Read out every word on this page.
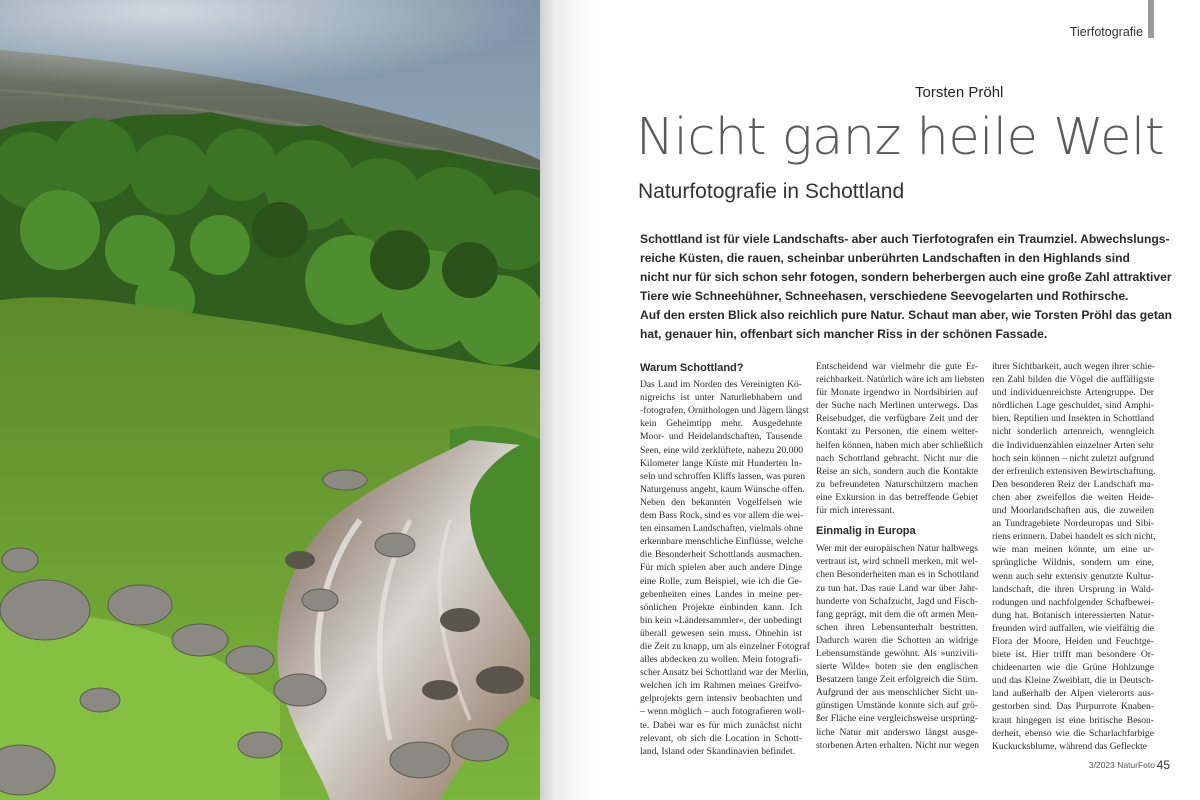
Tierfotografie
Torsten Pröhl
Nicht ganz heile Welt
Naturfotografie in Schottland
Schottland ist für viele Landschafts- aber auch Tierfotografen ein Traumziel. Abwechslungs-
reiche Küsten, die rauen, scheinbar unberührten Landschaften in den Highlands sind
nicht nur für sich schon sehr fotogen, sondern beherbergen auch eine große Zahl attraktiver
Tiere wie Schneehühner, Schneehasen, verschiedene Seevogelarten und Rothirsche.
Auf den ersten Blick also reichlich pure Natur. Schaut man aber, wie Torsten Pröhl das getan
hat, genauer hin, offenbart sich mancher Riss in der schönen Fassade.
Warum Schottland?
Das Land im Norden des Vereinigten Kö-
nigreichs ist unter Naturliebhabern und
-fotografen, Ornithologen und Jägern längst
kein Geheimtipp mehr. Ausgedehnte
Moor- und Heidelandschaften, Tausende
Seen, eine wild zerklüftete, nahezu 20.000
Kilometer lange Küste mit Hunderten In-
seln und schroffen Kliffs lassen, was puren
Naturgenuss angeht, kaum Wünsche offen.
Neben den bekannten Vogelfelsen wie
dem Bass Rock, sind es vor allem die wei-
ten einsamen Landschaften, vielmals ohne
erkennbare menschliche Einflüsse, welche
die Besonderheit Schottlands ausmachen.
Für mich spielen aber auch andere Dinge
eine Rolle, zum Beispiel, wie ich die Ge-
gebenheiten eines Landes in meine per-
sönlichen Projekte einbinden kann. Ich
bin kein »Ländersammler«, der unbedingt
überall gewesen sein muss. Ohnehin ist
die Zeit zu knapp, um als einzelner Fotograf
alles abdecken zu wollen. Mein fotografi-
scher Ansatz bei Schottland war der Merlin,
welchen ich im Rahmen meines Greifvo-
gelprojekts gern intensiv beobachten und
– wenn möglich – auch fotografieren woll-
te. Dabei war es für mich zunächst nicht
relevant, ob sich die Location in Schott-
land, Island oder Skandinavien befindet.
Entscheidend war vielmehr die gute Er-
reichbarkeit. Natürlich wäre ich am liebsten
für Monate irgendwo in Nordsibirien auf
der Suche nach Merlinen unterwegs. Das
Reisebudget, die verfügbare Zeit und der
Kontakt zu Personen, die einem weiter-
helfen können, haben mich aber schließlich
nach Schottland gebracht. Nicht nur die
Reise an sich, sondern auch die Kontakte
zu befreundeten Naturschützern machen
eine Exkursion in das betreffende Gebiet
für mich interessant.
Einmalig in Europa
Wer mit der europäischen Natur halbwegs
vertraut ist, wird schnell merken, mit wel-
chen Besonderheiten man es in Schottland
zu tun hat. Das raue Land war über Jahr-
hunderte von Schafzucht, Jagd und Fisch-
fang geprägt, mit dem die oft armen Men-
schen ihren Lebensunterhalt bestritten.
Dadurch waren die Schotten an widrige
Lebensumstände gewöhnt. Als »unzivili-
sierte Wilde« boten sie den englischen
Besatzern lange Zeit erfolgreich die Stirn.
Aufgrund der aus menschlicher Sicht un-
günstigen Umstände konnte sich auf grö-
ßer Fläche eine vergleichsweise ursprüng-
liche Natur mit anderswo längst ausge-
storbenen Arten erhalten. Nicht nur wegen
ihrer Sichtbarkeit, auch wegen ihrer schie-
ren Zahl bilden die Vögel die auffälligste
und individuenreichste Artengruppe. Der
nördlichen Lage geschuldet, sind Amphi-
bien, Reptilien und Insekten in Schottland
nicht sonderlich artenreich, wenngleich
die Individuenzahlen einzelner Arten sehr
hoch sein können – nicht zuletzt aufgrund
der erfreulich extensiven Bewirtschaftung.
Den besonderen Reiz der Landschaft ma-
chen aber zweifellos die weiten Heide-
und Moorlandschaften aus, die zuweilen
an Tundragebiete Nordeuropas und Sibi-
riens erinnern. Dabei handelt es sich nicht,
wie man meinen könnte, um eine ur-
sprüngliche Wildnis, sondern um eine,
wenn auch sehr extensiv genutzte Kultur-
landschaft, die ihren Ursprung in Wald-
rodungen und nachfolgender Schafbewei-
dung hat. Botanisch interessierten Natur-
freunden wird auffallen, wie vielfältig die
Flora der Moore, Heiden und Feuchtge-
biete ist. Hier trifft man besondere Or-
chideenarten wie die Grüne Hohlzunge
und das Kleine Zweiblatt, die in Deutsch-
land außerhalb der Alpen vielerorts aus-
gestorben sind. Das Purpurrote Knaben-
kraut hingegen ist eine britische Beson-
derheit, ebenso wie die Scharlachfarbige
Kuckucksblume, während das Gefleckte
3/2023 NaturFoto 45
